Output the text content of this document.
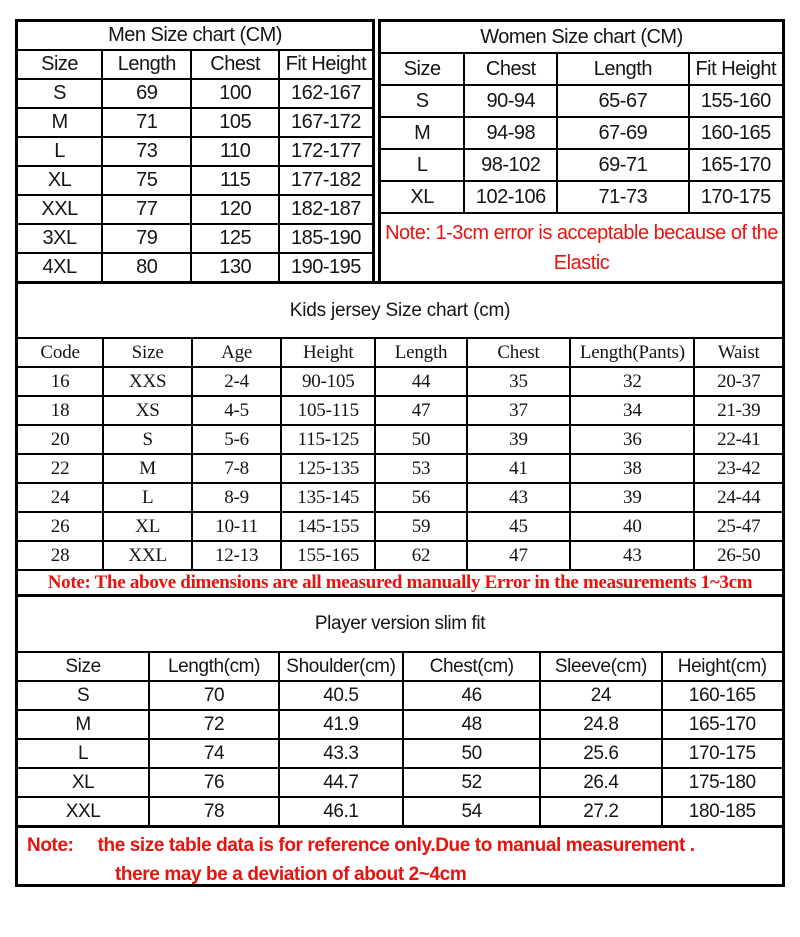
Men Size chart (CM)			
Size	Length	Chest	Fit Height
S	69	100	162-167
M	71	105	167-172
L	73	110	172-177
XL	75	115	177-182
XXL	77	120	182-187
3XL	79	125	185-190
4XL	80	130	190-195
Women Size chart (CM)			
Size	Chest	Length	Fit Height
S	90-94	65-67	155-160
M	94-98	67-69	160-165
L	98-102	69-71	165-170
XL	102-106	71-73	170-175

Note: 1-3cm error is acceptable because of the
Elastic			
Kids jersey Size chart (cm)							
Code	Size	Age	Height	Length	Chest	Length(Pants)	Waist
16	XXS	2-4	90-105	44	35	32	20-37
18	XS	4-5	105-115	47	37	34	21-39
20	S	5-6	115-125	50	39	36	22-41
22	M	7-8	125-135	53	41	38	23-42
24	L	8-9	135-145	56	43	39	24-44
26	XL	10-11	145-155	59	45	40	25-47
28	XXL	12-13	155-165	62	47	43	26-50
Note: The above dimensions are all measured manually Error in the measurements 1~3cm							
Player version slim fit					
Size	Length(cm)	Shoulder(cm)	Chest(cm)	Sleeve(cm)	Height(cm)
S	70	40.5	46	24	160-165
M	72	41.9	48	24.8	165-170
L	74	43.3	50	25.6	170-175
XL	76	44.7	52	26.4	175-180
XXL	78	46.1	54	27.2	180-185
Note: the size table data is for reference only.Due to manual measurement .
there may be a deviation of about 2~4cm
